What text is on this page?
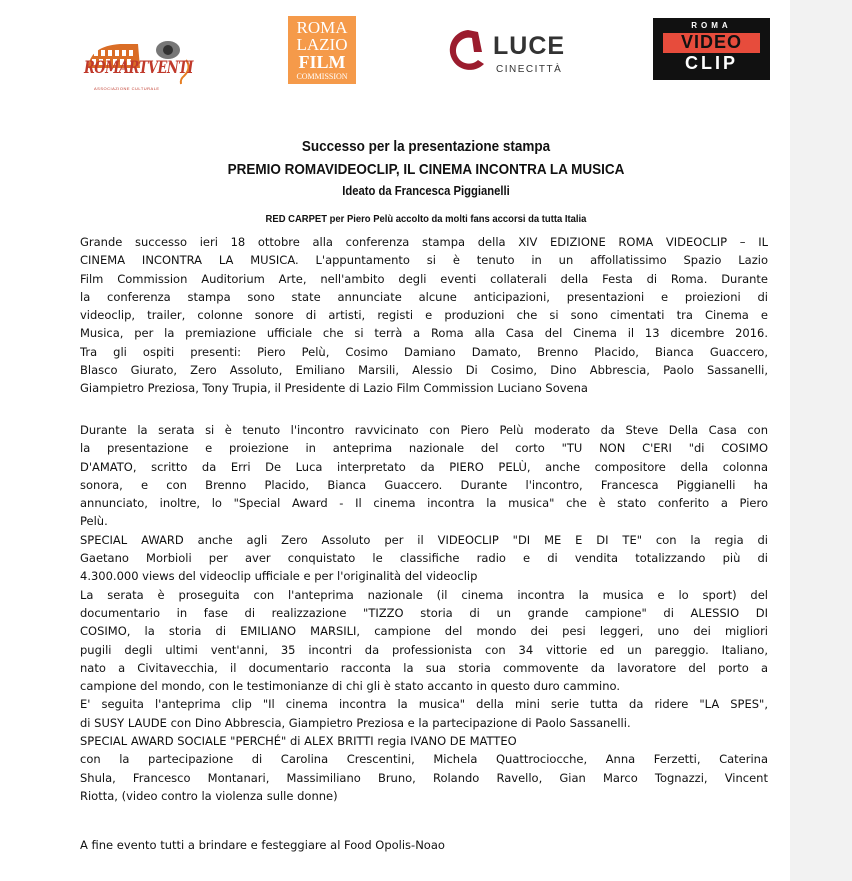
ROMARTVENTI
ASSOCIAZIONE CULTURALE
ROMA
LAZIO
FILM
COMMISSION
LUCE
CINECITTÀ
ROMA
VIDEO
CLIP
Successo per la presentazione stampa
PREMIO ROMAVIDEOCLIP, IL CINEMA INCONTRA LA MUSICA
Ideato da Francesca Piggianelli
RED CARPET per Piero Pelù accolto da molti fans accorsi da tutta Italia
Grande successo ieri 18 ottobre alla conferenza stampa della XIV EDIZIONE ROMA VIDEOCLIP – IL
CINEMA INCONTRA LA MUSICA. L'appuntamento si è tenuto in un affollatissimo Spazio Lazio
Film Commission Auditorium Arte, nell'ambito degli eventi collaterali della Festa di Roma. Durante
la conferenza stampa sono state annunciate alcune anticipazioni, presentazioni e proiezioni di
videoclip, trailer, colonne sonore di artisti, registi e produzioni che si sono cimentati tra Cinema e
Musica, per la premiazione ufficiale che si terrà a Roma alla Casa del Cinema il 13 dicembre 2016.
Tra gli ospiti presenti: Piero Pelù, Cosimo Damiano Damato, Brenno Placido, Bianca Guaccero,
Blasco Giurato, Zero Assoluto, Emiliano Marsili, Alessio Di Cosimo, Dino Abbrescia, Paolo Sassanelli,
Giampietro Preziosa, Tony Trupia, il Presidente di Lazio Film Commission Luciano Sovena
Durante la serata si è tenuto l'incontro ravvicinato con Piero Pelù moderato da Steve Della Casa con
la presentazione e proiezione in anteprima nazionale del corto "TU NON C'ERI "di COSIMO
D'AMATO, scritto da Erri De Luca interpretato da PIERO PELÙ, anche compositore della colonna
sonora, e con Brenno Placido, Bianca Guaccero. Durante l'incontro, Francesca Piggianelli ha
annunciato, inoltre, lo "Special Award - Il cinema incontra la musica" che è stato conferito a Piero
Pelù.
SPECIAL AWARD anche agli Zero Assoluto per il VIDEOCLIP "DI ME E DI TE" con la regia di
Gaetano Morbioli per aver conquistato le classifiche radio e di vendita totalizzando più di
4.300.000 views del videoclip ufficiale e per l'originalità del videoclip
La serata è proseguita con l'anteprima nazionale (il cinema incontra la musica e lo sport) del
documentario in fase di realizzazione "TIZZO storia di un grande campione" di ALESSIO DI
COSIMO, la storia di EMILIANO MARSILI, campione del mondo dei pesi leggeri, uno dei migliori
pugili degli ultimi vent'anni, 35 incontri da professionista con 34 vittorie ed un pareggio. Italiano,
nato a Civitavecchia, il documentario racconta la sua storia commovente da lavoratore del porto a
campione del mondo, con le testimonianze di chi gli è stato accanto in questo duro cammino.
E' seguita l'anteprima clip "Il cinema incontra la musica" della mini serie tutta da ridere "LA SPES",
di SUSY LAUDE con Dino Abbrescia, Giampietro Preziosa e la partecipazione di Paolo Sassanelli.
SPECIAL AWARD SOCIALE "PERCHÉ" di ALEX BRITTI regia IVANO DE MATTEO
con la partecipazione di Carolina Crescentini, Michela Quattrociocche, Anna Ferzetti, Caterina
Shula, Francesco Montanari, Massimiliano Bruno, Rolando Ravello, Gian Marco Tognazzi, Vincent
Riotta, (video contro la violenza sulle donne)
A fine evento tutti a brindare e festeggiare al Food Opolis-Noao
